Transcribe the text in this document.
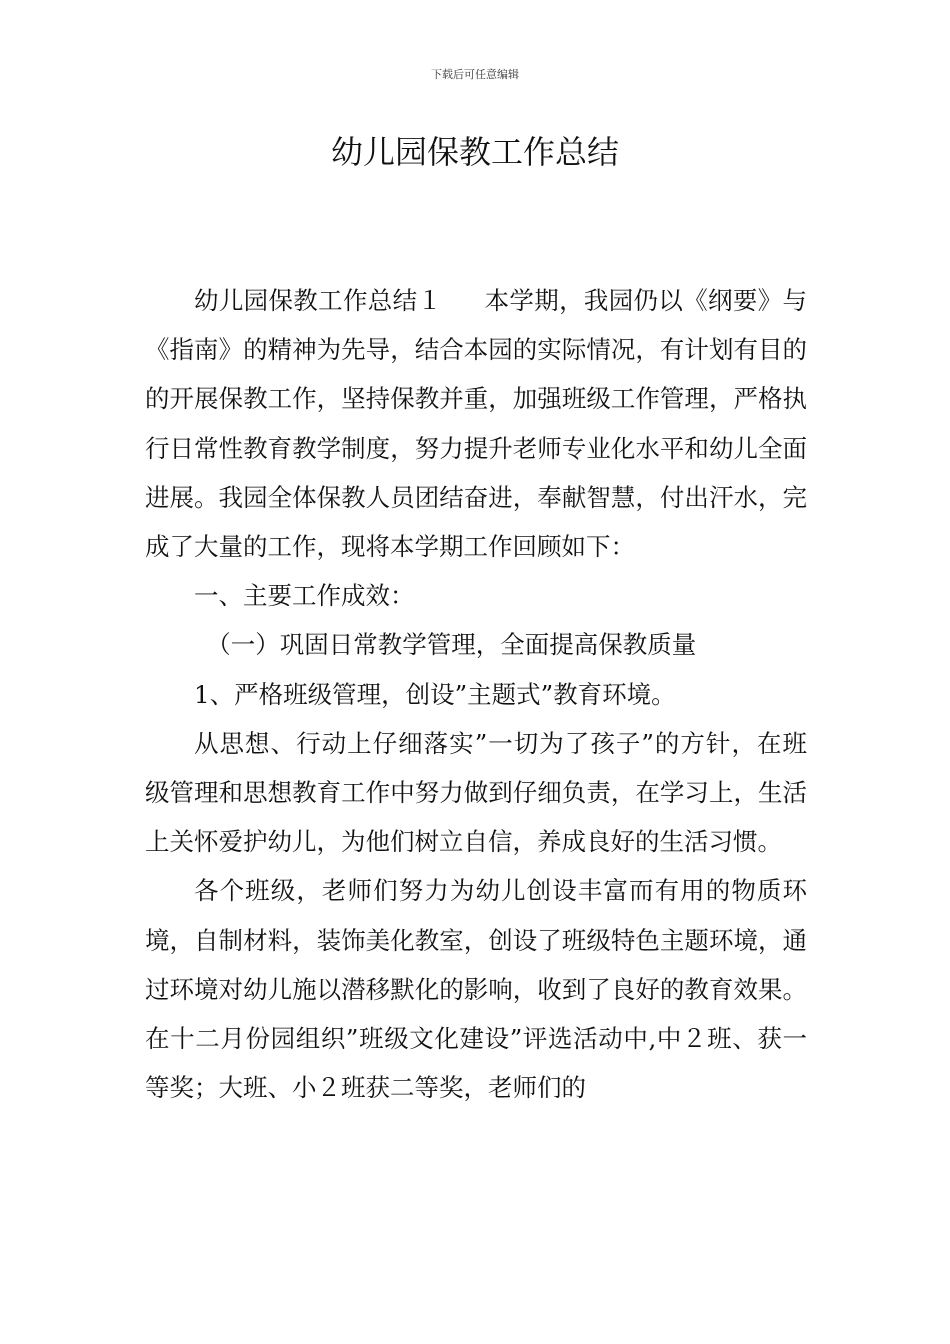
下载后可任意编辑
幼儿园保教工作总结

幼儿园保教工作总结１ 本学期，我园仍以《纲要》与《指南》的精神为先导，结合本园的实际情况，有计划有目的的开展保教工作，坚持保教并重，加强班级工作管理，严格执行日常性教育教学制度，努力提升老师专业化水平和幼儿全面进展。我园全体保教人员团结奋进，奉献智慧，付出汗水，完成了大量的工作，现将本学期工作回顾如下：

一、主要工作成效：

（一）巩固日常教学管理，全面提高保教质量

1、严格班级管理，创设”主题式”教育环境。

从思想、行动上仔细落实”一切为了孩子”的方针，在班级管理和思想教育工作中努力做到仔细负责，在学习上，生活上关怀爱护幼儿，为他们树立自信，养成良好的生活习惯。

各个班级，老师们努力为幼儿创设丰富而有用的物质环境，自制材料，装饰美化教室，创设了班级特色主题环境，通过环境对幼儿施以潜移默化的影响，收到了良好的教育效果。在十二月份园组织”班级文化建设”评选活动中,中２班、获一等奖；大班、小２班获二等奖，老师们的
